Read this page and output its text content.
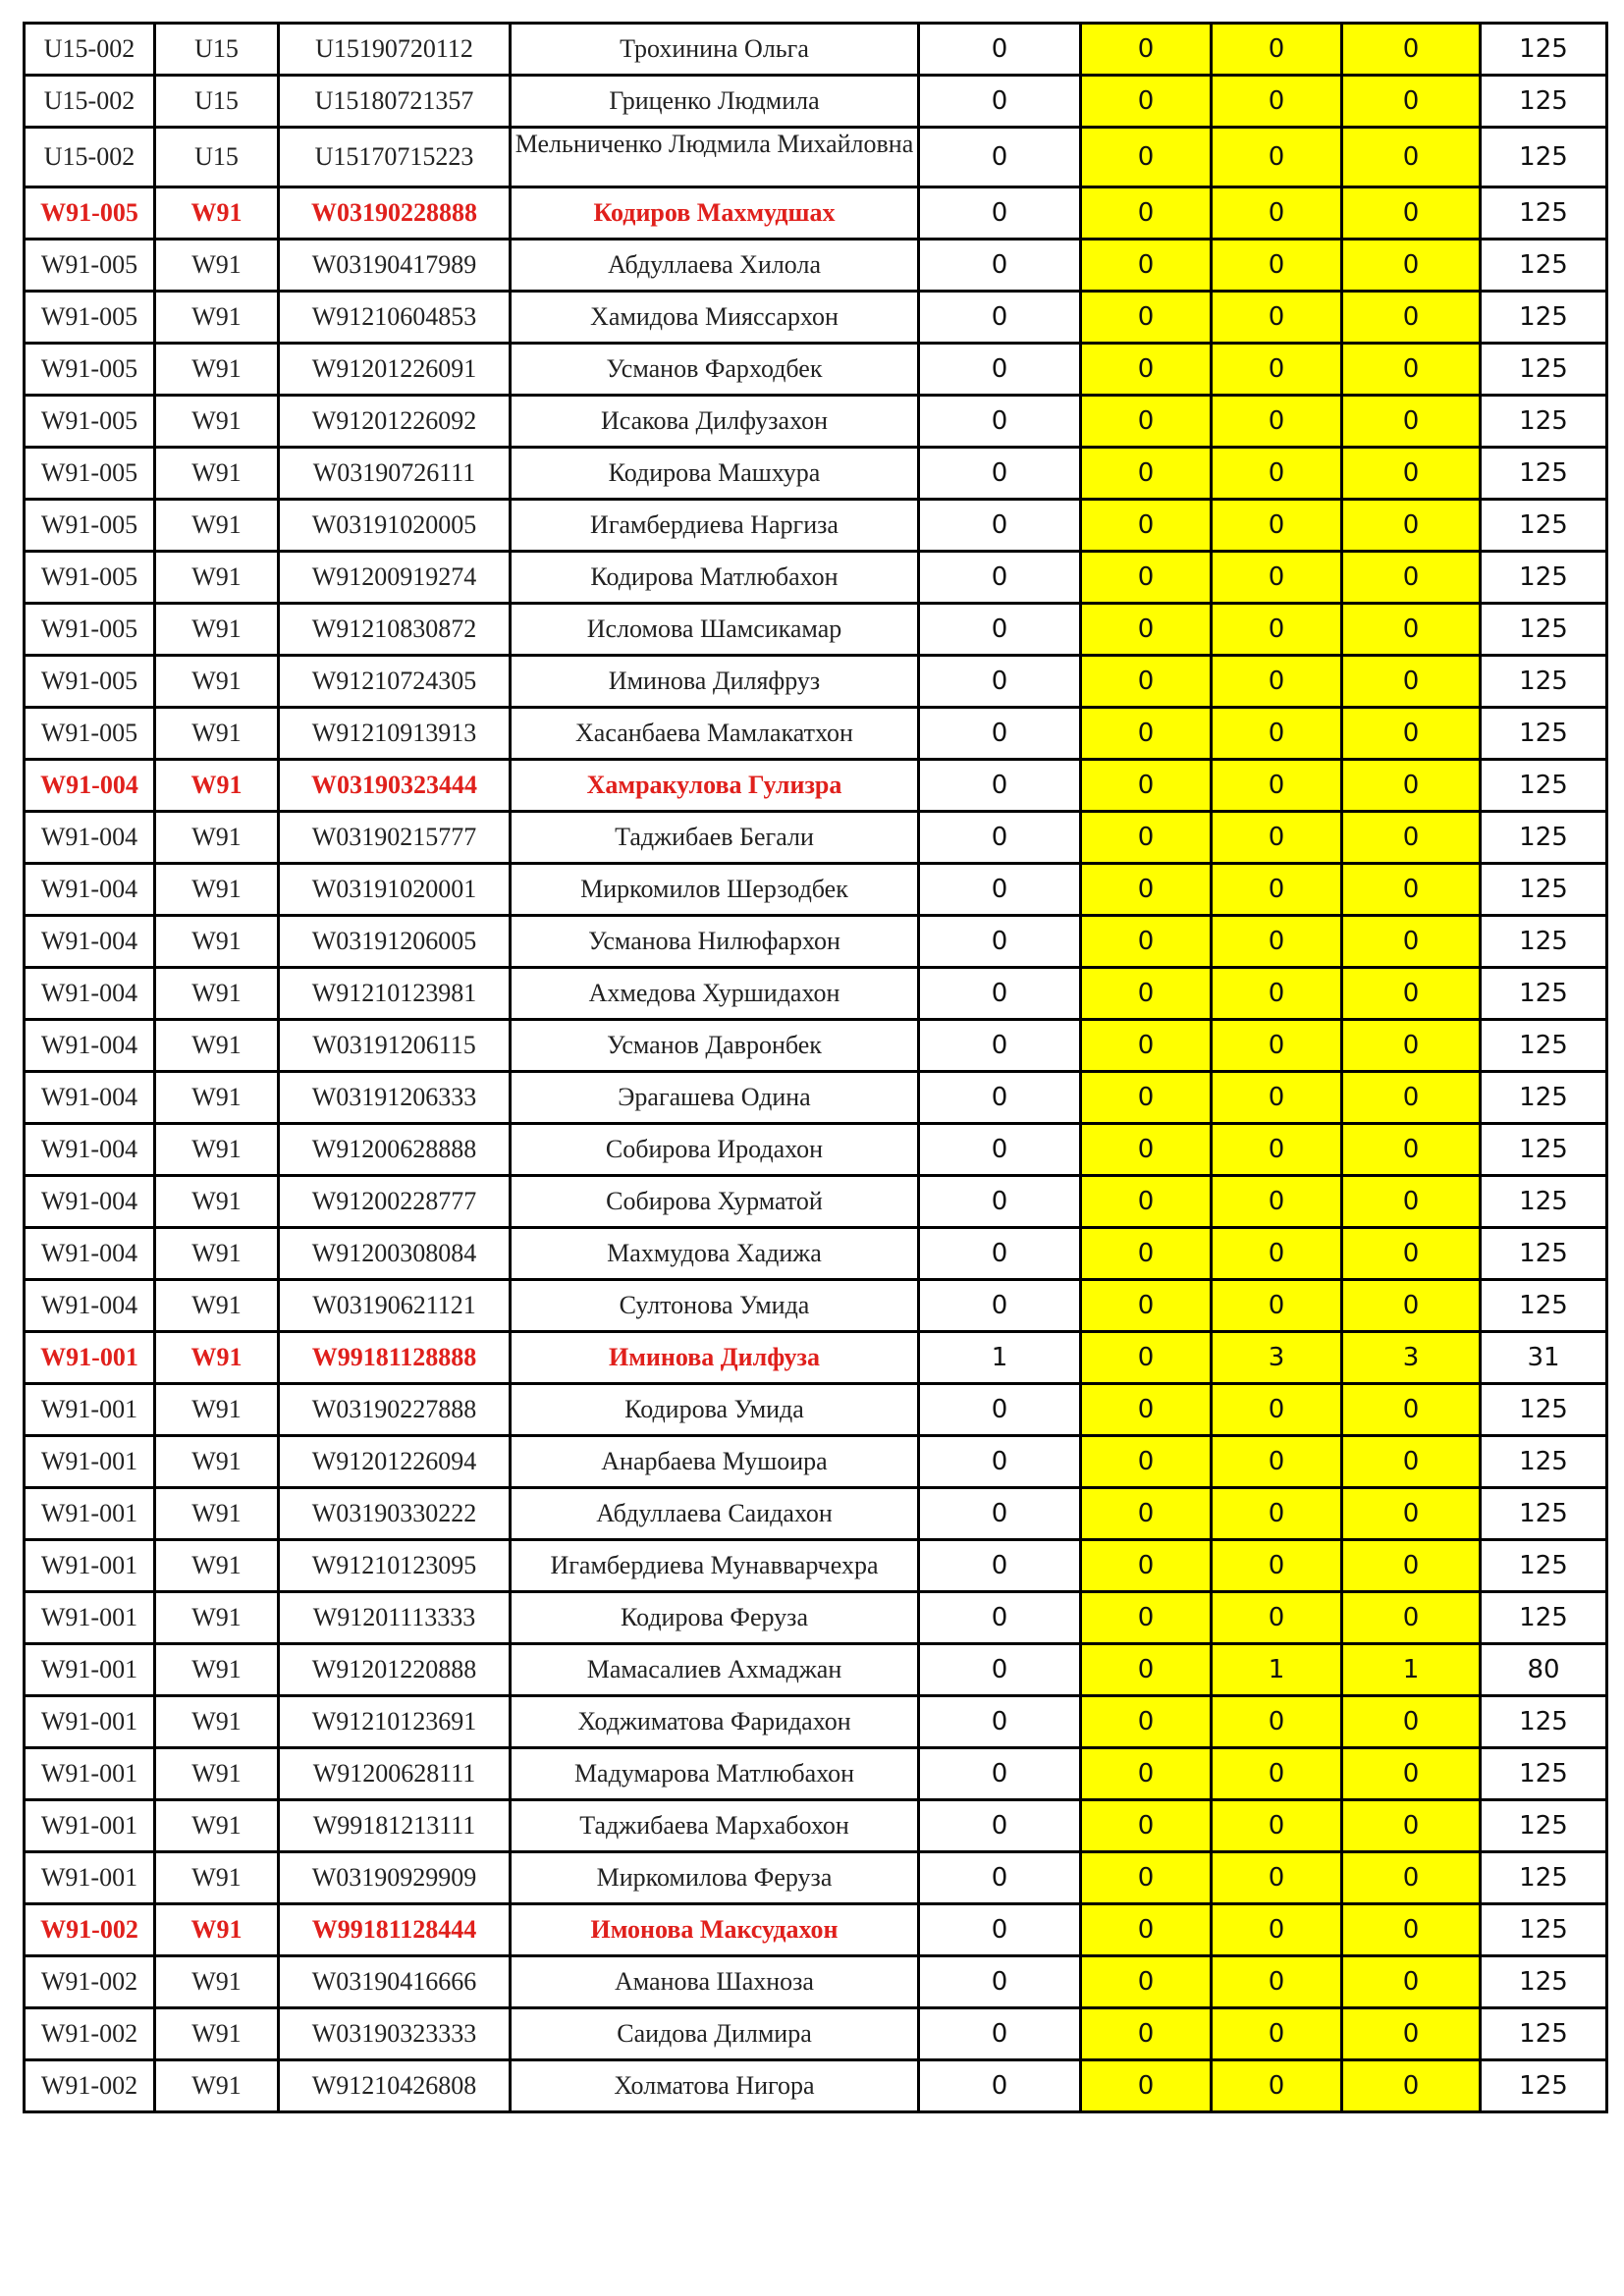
U15-002	U15	U15190720112	Трохинина Ольга	0	0	0	0	125
U15-002	U15	U15180721357	Гриценко Людмила	0	0	0	0	125
U15-002	U15	U15170715223	Мельниченко Людмила Михайловна	0	0	0	0	125
W91-005	W91	W03190228888	Кодиров Махмудшах	0	0	0	0	125
W91-005	W91	W03190417989	Абдуллаева Хилола	0	0	0	0	125
W91-005	W91	W91210604853	Хамидова Мияссархон	0	0	0	0	125
W91-005	W91	W91201226091	Усманов Фарходбек	0	0	0	0	125
W91-005	W91	W91201226092	Исакова Дилфузахон	0	0	0	0	125
W91-005	W91	W03190726111	Кодирова Машхура	0	0	0	0	125
W91-005	W91	W03191020005	Игамбердиева Наргиза	0	0	0	0	125
W91-005	W91	W91200919274	Кодирова Матлюбахон	0	0	0	0	125
W91-005	W91	W91210830872	Исломова Шамсикамар	0	0	0	0	125
W91-005	W91	W91210724305	Иминова Диляфруз	0	0	0	0	125
W91-005	W91	W91210913913	Хасанбаева Мамлакатхон	0	0	0	0	125
W91-004	W91	W03190323444	Хамракулова Гулизра	0	0	0	0	125
W91-004	W91	W03190215777	Таджибаев Бегали	0	0	0	0	125
W91-004	W91	W03191020001	Миркомилов Шерзодбек	0	0	0	0	125
W91-004	W91	W03191206005	Усманова Нилюфархон	0	0	0	0	125
W91-004	W91	W91210123981	Ахмедова Хуршидахон	0	0	0	0	125
W91-004	W91	W03191206115	Усманов Давронбек	0	0	0	0	125
W91-004	W91	W03191206333	Эрагашева Одина	0	0	0	0	125
W91-004	W91	W91200628888	Собирова Иродахон	0	0	0	0	125
W91-004	W91	W91200228777	Собирова Хурматой	0	0	0	0	125
W91-004	W91	W91200308084	Махмудова Хадижа	0	0	0	0	125
W91-004	W91	W03190621121	Султонова Умида	0	0	0	0	125
W91-001	W91	W99181128888	Иминова Дилфуза	1	0	3	3	31
W91-001	W91	W03190227888	Кодирова Умида	0	0	0	0	125
W91-001	W91	W91201226094	Анарбаева Мушоира	0	0	0	0	125
W91-001	W91	W03190330222	Абдуллаева Саидахон	0	0	0	0	125
W91-001	W91	W91210123095	Игамбердиева Мунавварчехра	0	0	0	0	125
W91-001	W91	W91201113333	Кодирова Феруза	0	0	0	0	125
W91-001	W91	W91201220888	Мамасалиев Ахмаджан	0	0	1	1	80
W91-001	W91	W91210123691	Ходжиматова Фаридахон	0	0	0	0	125
W91-001	W91	W91200628111	Мадумарова Матлюбахон	0	0	0	0	125
W91-001	W91	W99181213111	Таджибаева Мархабохон	0	0	0	0	125
W91-001	W91	W03190929909	Миркомилова Феруза	0	0	0	0	125
W91-002	W91	W99181128444	Имонова Максудахон	0	0	0	0	125
W91-002	W91	W03190416666	Аманова Шахноза	0	0	0	0	125
W91-002	W91	W03190323333	Саидова Дилмира	0	0	0	0	125
W91-002	W91	W91210426808	Холматова Нигора	0	0	0	0	125
